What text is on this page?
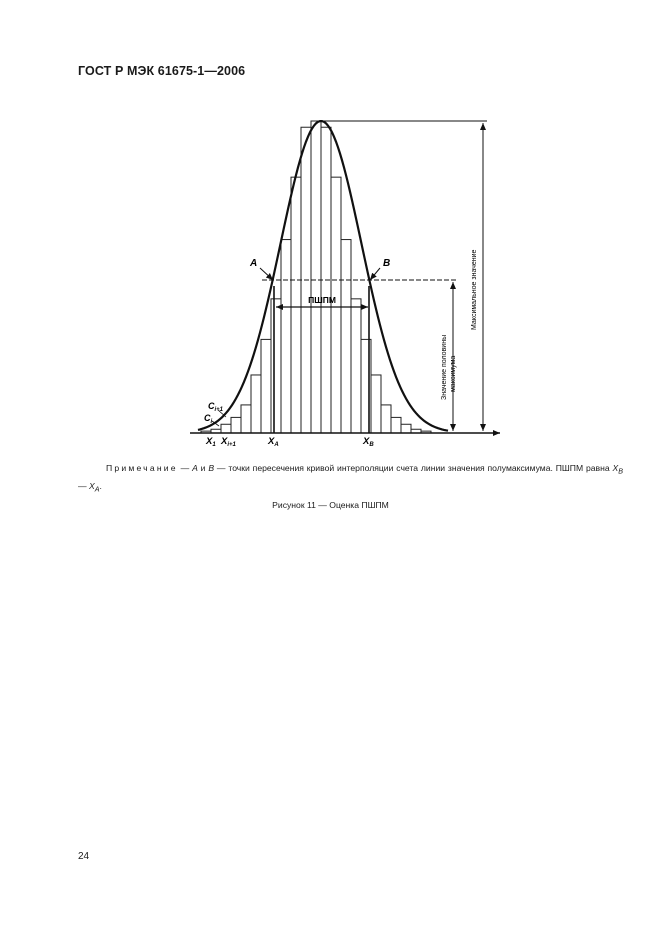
ГОСТ Р МЭК 61675-1—2006
A	B
ПШПМ
$C_{i+1}$
$C_i$
$X_1$ $X_{i+1}$	$X_A$	$X_B$
Максимальное значение
Значение половины максимума
Примечание — A и B — точки пересечения кривой интерполяции счета линии значения полумаксимума. ПШПМ равна $X_B$ — $X_A$.
Рисунок 11 — Оценка ПШПМ
24
